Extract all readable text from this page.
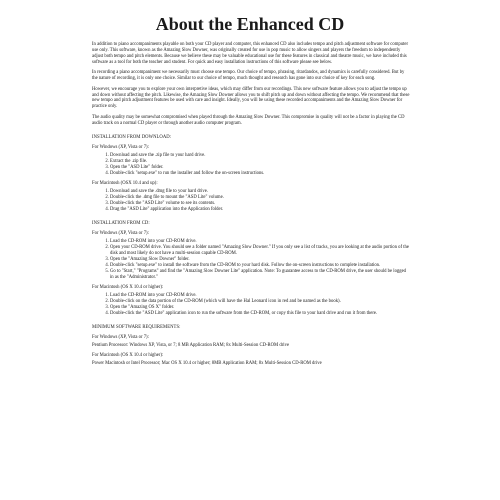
About the Enhanced CD

In addition to piano accompaniments playable on both your CD player and computer, this enhanced CD also includes tempo and pitch adjustment software for computer use only. This software, known as the Amazing Slow Downer, was originally created for use in pop music to allow singers and players the freedom to independently adjust both tempo and pitch elements. Because we believe these may be valuable educational use for these features in classical and theatre music, we have included this software as a tool for both the teacher and student. For quick and easy installation instructions of this software please see below.

In recording a piano accompaniment we necessarily must choose one tempo. Our choice of tempo, phrasing, ritardandos, and dynamics is carefully considered. But by the nature of recording, it is only one choice. Similar to our choice of tempo, much thought and research has gone into our choice of key for each song.

However, we encourage you to explore your own interpretive ideas, which may differ from our recordings. This new software feature allows you to adjust the tempo up and down without affecting the pitch. Likewise, the Amazing Slow Downer allows you to shift pitch up and down without affecting the tempo. We recommend that these new tempo and pitch adjustment features be used with care and insight. Ideally, you will be using these recorded accompaniments and the Amazing Slow Downer for practice only.

The audio quality may be somewhat compromised when played through the Amazing Slow Downer. This compromise in quality will not be a factor in playing the CD audio track on a normal CD player or through another audio computer program.

INSTALLATION FROM DOWNLOAD:
For Windows (XP, Vista or 7):
1. Download and save the .zip file to your hard drive.
2. Extract the .zip file.
3. Open the "ASD Lite" folder.
4. Double-click "setup.exe" to run the installer and follow the on-screen instructions.
For Macintosh (OSX 10.4 and up):
1. Download and save the .dmg file to your hard drive.
2. Double-click the .dmg file to mount the "ASD Lite" volume.
3. Double-click the "ASD Lite" volume to see its contents.
4. Drag the "ASD Lite" application into the Application folder.
INSTALLATION FROM CD:
For Windows (XP, Vista or 7):
1. Load the CD-ROM into your CD-ROM drive.
2. Open your CD-ROM drive. You should see a folder named "Amazing Slow Downer." If you only see a list of tracks, you are looking at the audio portion of the disk and most likely do not have a multi-session capable CD-ROM.
3. Open the "Amazing Slow Downer" folder.
4. Double-click "setup.exe" to install the software from the CD-ROM to your hard disk. Follow the on-screen instructions to complete installation.
5. Go to "Start," "Programs" and find the "Amazing Slow Downer Lite" application. Note: To guarantee access to the CD-ROM drive, the user should be logged in as the "Administrator."
For Macintosh (OS X 10.4 or higher):
1. Load the CD-ROM into your CD-ROM drive.
2. Double-click on the data portion of the CD-ROM (which will have the Hal Leonard icon in red and be named as the book).
3. Open the "Amazing OS X" folder.
4. Double-click the "ASD Lite" application icon to run the software from the CD-ROM, or copy this file to your hard drive and run it from there.
MINIMUM SOFTWARE REQUIREMENTS:
For Windows (XP, Vista or 7):
Pentium Processor: Windows XP, Vista, or 7; 8 MB Application RAM; 8x Multi-Session CD-ROM drive
For Macintosh (OS X 10.4 or higher):
Power Macintosh or Intel Processor; Mac OS X 10.4 or higher; 8MB Application RAM; 8x Multi-Session CD-ROM drive
